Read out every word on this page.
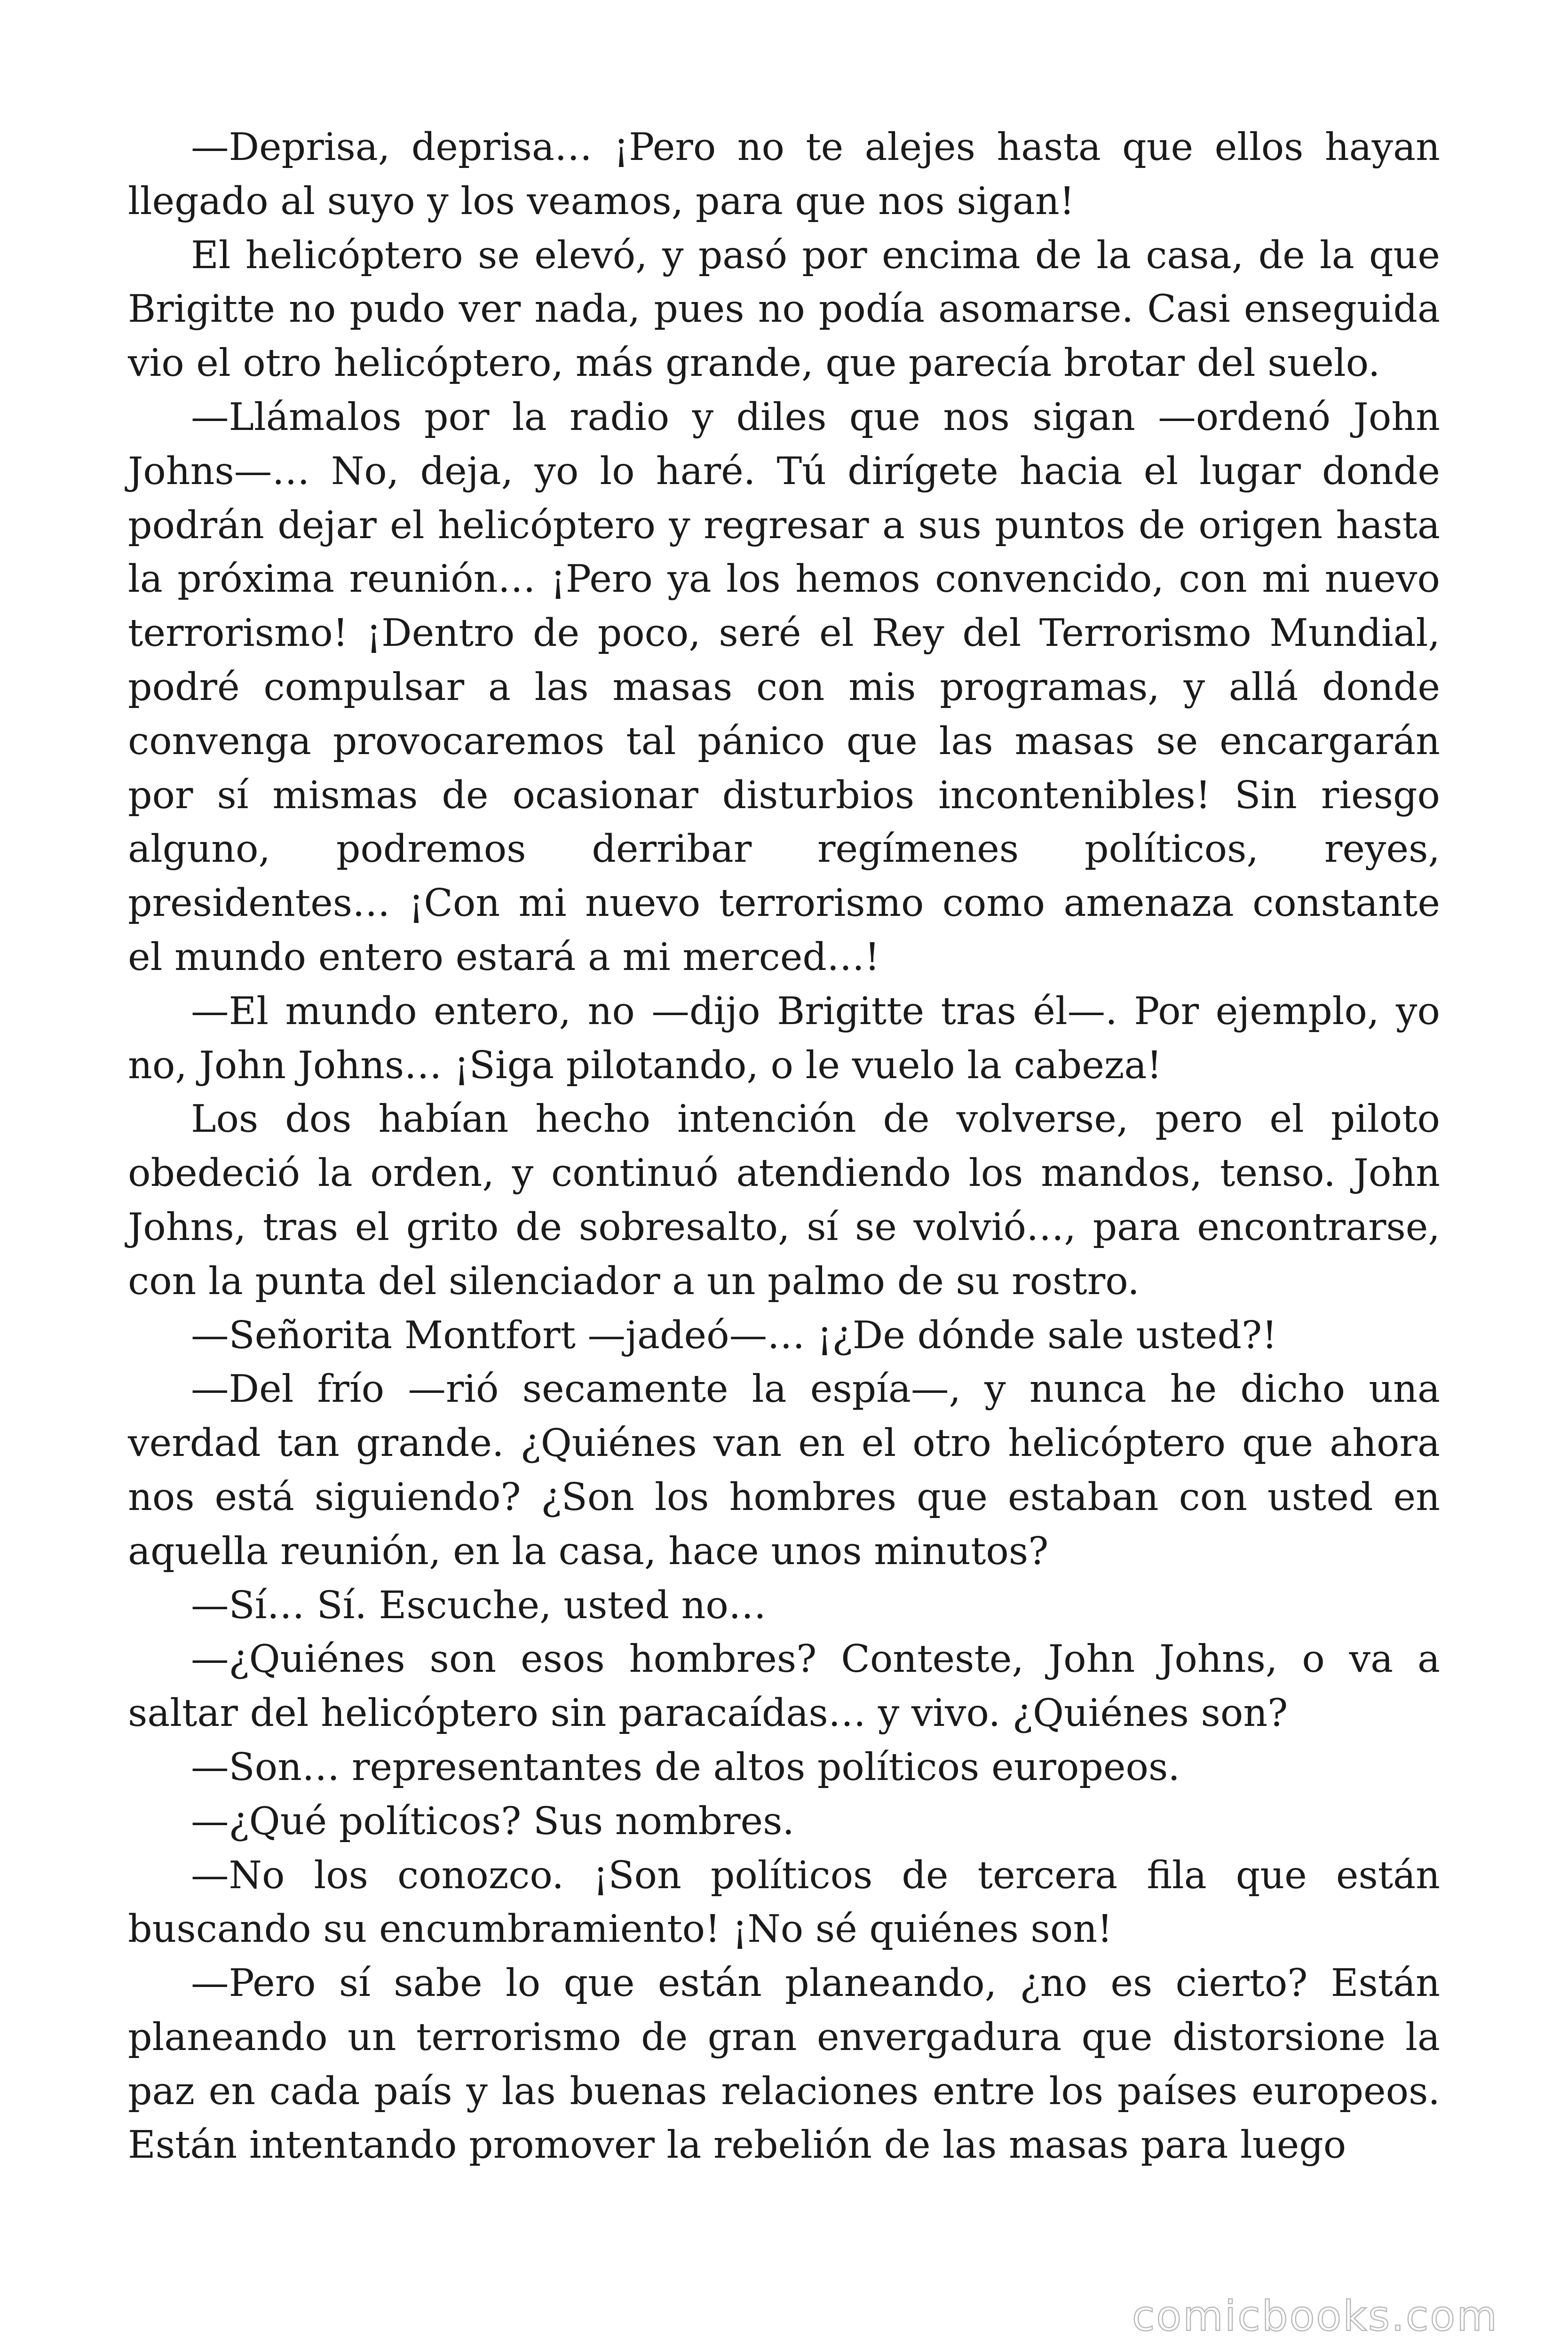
—Deprisa, deprisa… ¡Pero no te alejes hasta que ellos hayan llegado al suyo y los veamos, para que nos sigan!

El helicóptero se elevó, y pasó por encima de la casa, de la que Brigitte no pudo ver nada, pues no podía asomarse. Casi enseguida vio el otro helicóptero, más grande, que parecía brotar del suelo.

—Llámalos por la radio y diles que nos sigan —ordenó John Johns—… No, deja, yo lo haré. Tú dirígete hacia el lugar donde podrán dejar el helicóptero y regresar a sus puntos de origen hasta la próxima reunión… ¡Pero ya los hemos convencido, con mi nuevo terrorismo! ¡Dentro de poco, seré el Rey del Terrorismo Mundial, podré compulsar a las masas con mis programas, y allá donde convenga provocaremos tal pánico que las masas se encargarán por sí mismas de ocasionar disturbios incontenibles! Sin riesgo alguno, podremos derribar regímenes políticos, reyes, presidentes… ¡Con mi nuevo terrorismo como amenaza constante el mundo entero estará a mi merced…!

—El mundo entero, no —dijo Brigitte tras él—. Por ejemplo, yo no, John Johns… ¡Siga pilotando, o le vuelo la cabeza!

Los dos habían hecho intención de volverse, pero el piloto obedeció la orden, y continuó atendiendo los mandos, tenso. John Johns, tras el grito de sobresalto, sí se volvió…, para encontrarse, con la punta del silenciador a un palmo de su rostro.

—Señorita Montfort —jadeó—… ¡¿De dónde sale usted?!

—Del frío —rió secamente la espía—, y nunca he dicho una verdad tan grande. ¿Quiénes van en el otro helicóptero que ahora nos está siguiendo? ¿Son los hombres que estaban con usted en aquella reunión, en la casa, hace unos minutos?

—Sí… Sí. Escuche, usted no…

—¿Quiénes son esos hombres? Conteste, John Johns, o va a saltar del helicóptero sin paracaídas… y vivo. ¿Quiénes son?

—Son… representantes de altos políticos europeos.

—¿Qué políticos? Sus nombres.

—No los conozco. ¡Son políticos de tercera fila que están buscando su encumbramiento! ¡No sé quiénes son!

—Pero sí sabe lo que están planeando, ¿no es cierto? Están planeando un terrorismo de gran envergadura que distorsione la paz en cada país y las buenas relaciones entre los países europeos. Están intentando promover la rebelión de las masas para luego

comicbooks.com
